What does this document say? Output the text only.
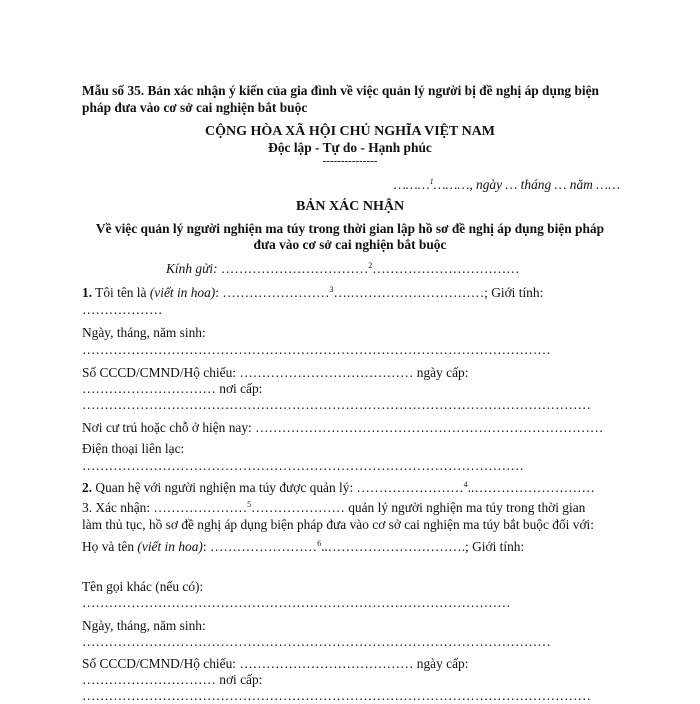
Mẫu số 35. Bản xác nhận ý kiến của gia đình về việc quản lý người bị đề nghị áp dụng biện
pháp đưa vào cơ sở cai nghiện bắt buộc
CỘNG HÒA XÃ HỘI CHỦ NGHĨA VIỆT NAM
Độc lập - Tự do - Hạnh phúc
---------------
………$^1$………, ngày … tháng … năm ……
BẢN XÁC NHẬN
Về việc quản lý người nghiện ma túy trong thời gian lập hồ sơ đề nghị áp dụng biện pháp
đưa vào cơ sở cai nghiện bắt buộc
Kính gửi: ……………………………$^2$……………………………
1. Tôi tên là (viết in hoa): ……………………$^3$….…………………………; Giới tính:
………………
Ngày, tháng, năm sinh:
……………………………………………………………………………………………
Số CCCD/CMND/Hộ chiếu: ………………………………… ngày cấp:
………………………… nơi cấp:
……………………………………………………………………………………………………
Nơi cư trú hoặc chỗ ở hiện nay: ……………………………………………………………………
Điện thoại liên lạc:
………………………………………………………………………………………
2. Quan hệ với người nghiện ma túy được quản lý: ……………………$^4$..………………………
3. Xác nhận: …………………$^5$………………… quản lý người nghiện ma túy trong thời gian
làm thủ tục, hồ sơ đề nghị áp dụng biện pháp đưa vào cơ sở cai nghiện ma túy bắt buộc đối với:
Họ và tên (viết in hoa): ……………………$^6$..………………………….; Giới tính:
Tên gọi khác (nếu có):
……………………………………………………………………………………
Ngày, tháng, năm sinh:
……………………………………………………………………………………………
Số CCCD/CMND/Hộ chiếu: ………………………………… ngày cấp:
………………………… nơi cấp:
……………………………………………………………………………………………………
